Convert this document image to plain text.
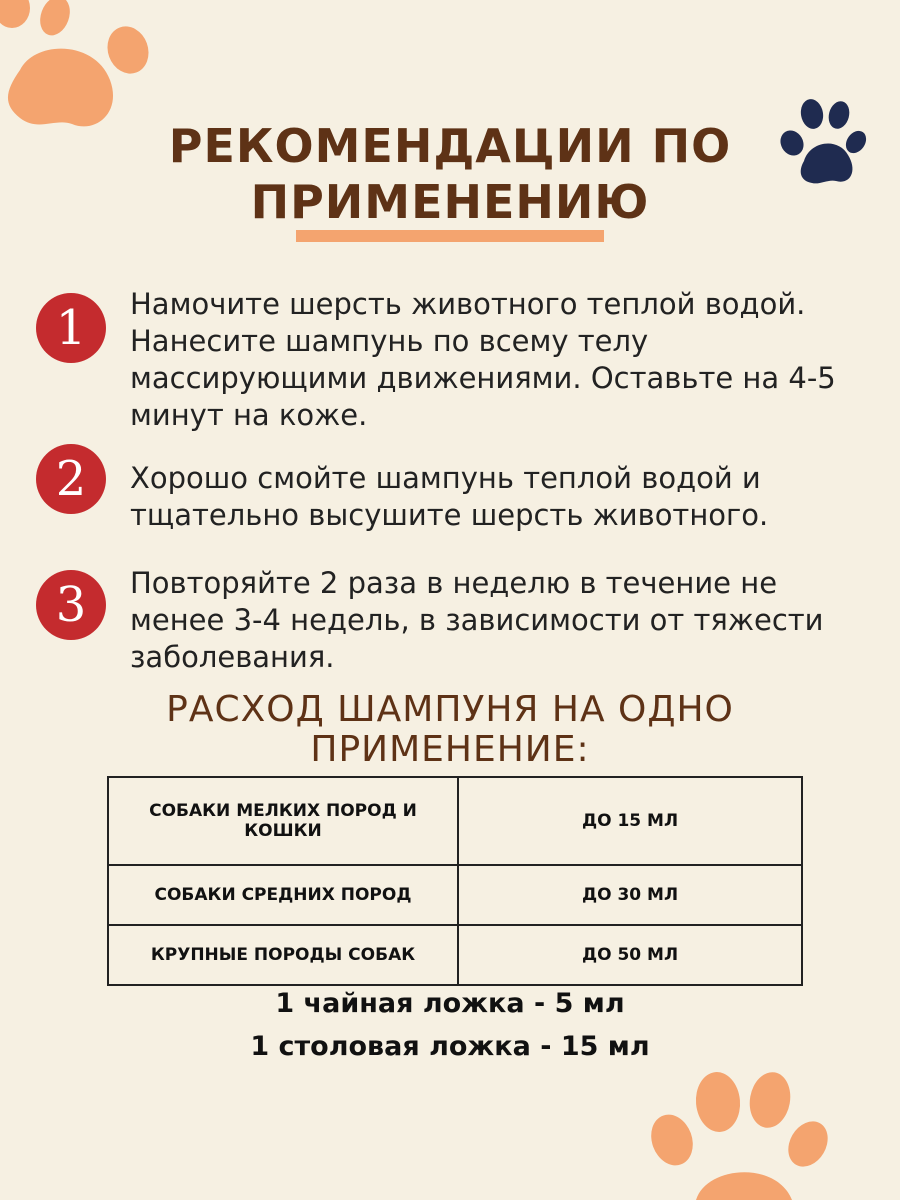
РЕКОМЕНДАЦИИ ПО
ПРИМЕНЕНИЮ
1	Намочите шерсть животного теплой водой. Нанесите шампунь по всему телу массирующими движениями. Оставьте на 4-5 минут на коже.
2	Хорошо смойте шампунь теплой водой и тщательно высушите шерсть животного.
3	Повторяйте 2 раза в неделю в течение не менее 3-4 недель, в зависимости от тяжести заболевания.
РАСХОД ШАМПУНЯ НА ОДНО
ПРИМЕНЕНИЕ:
СОБАКИ МЕЛКИХ ПОРОД И КОШКИ	ДО 15 МЛ
СОБАКИ СРЕДНИХ ПОРОД	ДО 30 МЛ
КРУПНЫЕ ПОРОДЫ СОБАК	ДО 50 МЛ
1 чайная ложка - 5 мл
1 столовая ложка - 15 мл
